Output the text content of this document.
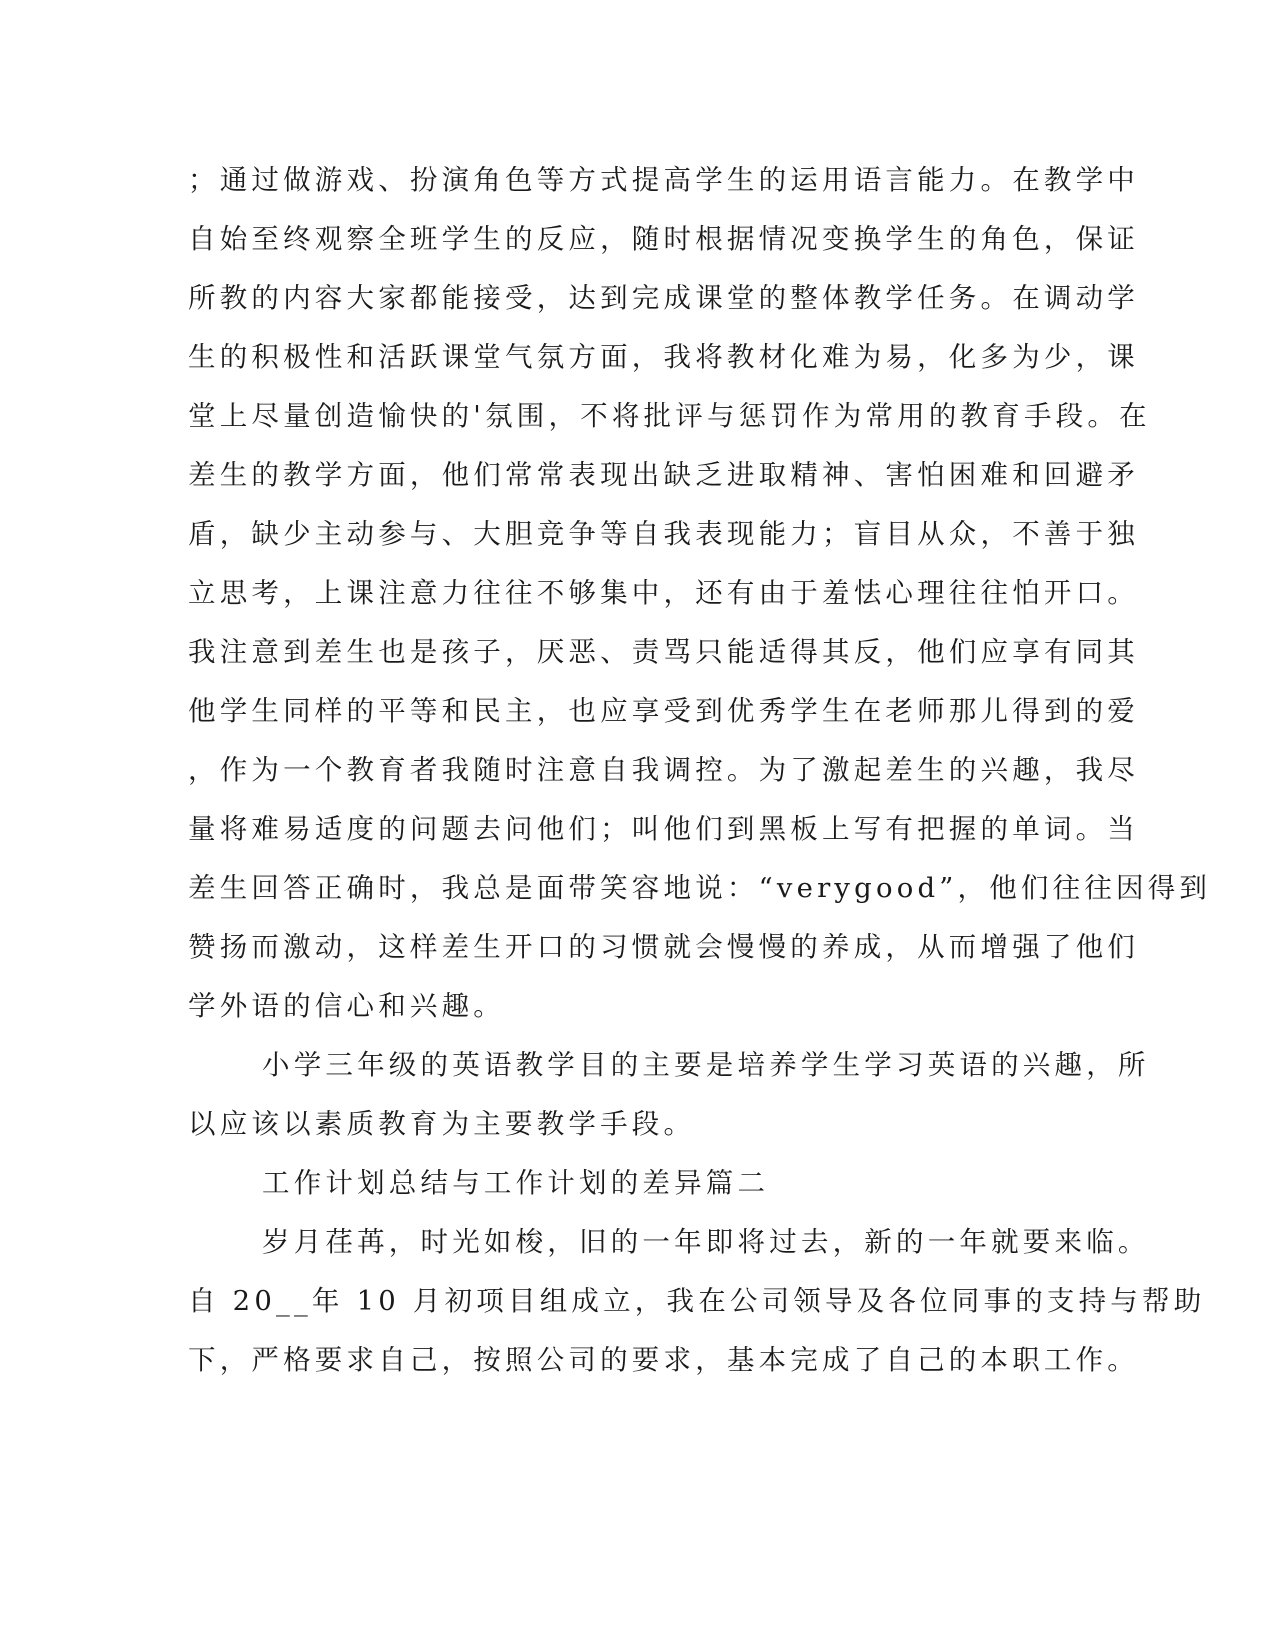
；通过做游戏、扮演角色等方式提高学生的运用语言能力。在教学中

自始至终观察全班学生的反应，随时根据情况变换学生的角色，保证

所教的内容大家都能接受，达到完成课堂的整体教学任务。在调动学

生的积极性和活跃课堂气氛方面，我将教材化难为易，化多为少，课

堂上尽量创造愉快的'氛围，不将批评与惩罚作为常用的教育手段。在

差生的教学方面，他们常常表现出缺乏进取精神、害怕困难和回避矛

盾，缺少主动参与、大胆竞争等自我表现能力；盲目从众，不善于独

立思考，上课注意力往往不够集中，还有由于羞怯心理往往怕开口。

我注意到差生也是孩子，厌恶、责骂只能适得其反，他们应享有同其

他学生同样的平等和民主，也应享受到优秀学生在老师那儿得到的爱

，作为一个教育者我随时注意自我调控。为了激起差生的兴趣，我尽

量将难易适度的问题去问他们；叫他们到黑板上写有把握的单词。当

差生回答正确时，我总是面带笑容地说：“verygood”，他们往往因得到

赞扬而激动，这样差生开口的习惯就会慢慢的养成，从而增强了他们

学外语的信心和兴趣。

小学三年级的英语教学目的主要是培养学生学习英语的兴趣，所

以应该以素质教育为主要教学手段。

工作计划总结与工作计划的差异篇二

岁月荏苒，时光如梭，旧的一年即将过去，新的一年就要来临。

自 20__年 10 月初项目组成立，我在公司领导及各位同事的支持与帮助

下，严格要求自己，按照公司的要求，基本完成了自己的本职工作。
